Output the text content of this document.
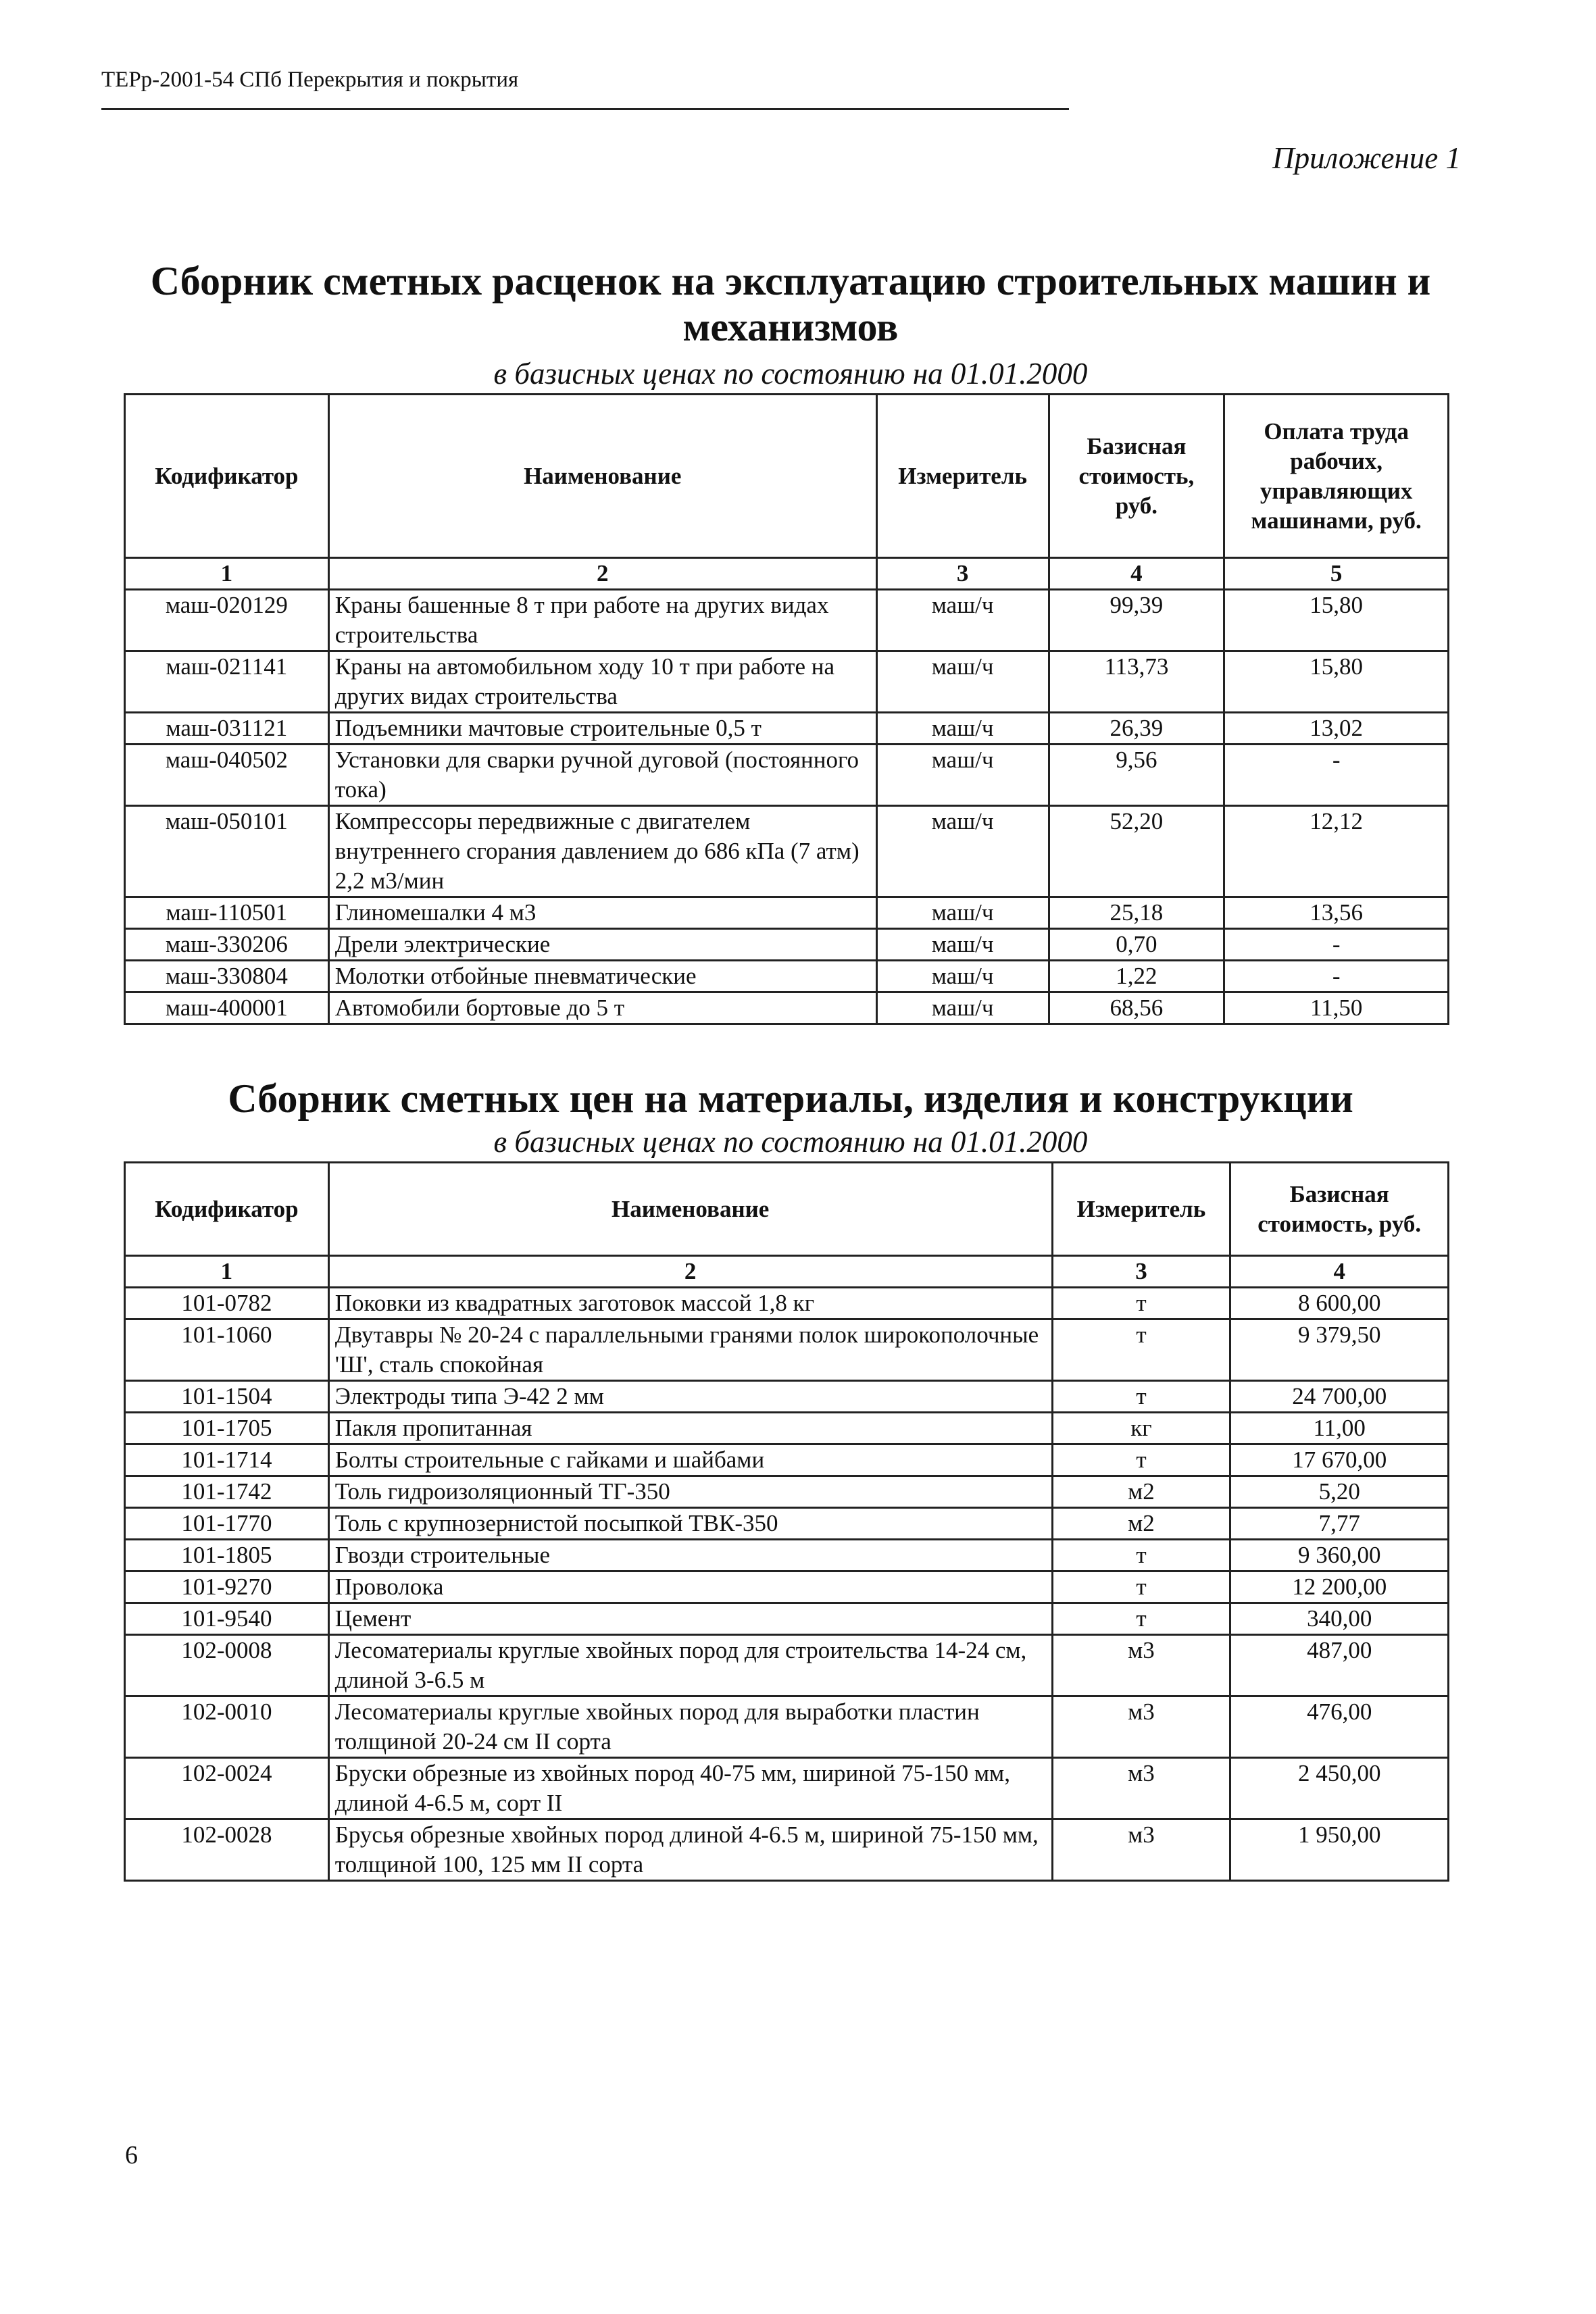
ТЕРр-2001-54 СПб Перекрытия и покрытия
Приложение 1
Сборник сметных расценок на эксплуатацию строительных машин и механизмов
в базисных ценах по состоянию на 01.01.2000
Кодификатор	Наименование	Измеритель	Базисная стоимость, руб.	Оплата труда рабочих, управляющих машинами, руб.
1	2	3	4	5
маш-020129	Краны башенные 8 т при работе на других видах строительства	маш/ч	99,39	15,80
маш-021141	Краны на автомобильном ходу 10 т при работе на других видах строительства	маш/ч	113,73	15,80
маш-031121	Подъемники мачтовые строительные 0,5 т	маш/ч	26,39	13,02
маш-040502	Установки для сварки ручной дуговой (постоянного тока)	маш/ч	9,56	-
маш-050101	Компрессоры передвижные с двигателем внутреннего сгорания давлением до 686 кПа (7 атм) 2,2 м3/мин	маш/ч	52,20	12,12
маш-110501	Глиномешалки 4 м3	маш/ч	25,18	13,56
маш-330206	Дрели электрические	маш/ч	0,70	-
маш-330804	Молотки отбойные пневматические	маш/ч	1,22	-
маш-400001	Автомобили бортовые до 5 т	маш/ч	68,56	11,50
Сборник сметных цен на материалы, изделия и конструкции
в базисных ценах по состоянию на 01.01.2000
Кодификатор	Наименование	Измеритель	Базисная стоимость, руб.
1	2	3	4
101-0782	Поковки из квадратных заготовок массой 1,8 кг	т	8 600,00
101-1060	Двутавры № 20-24 с параллельными гранями полок широкополочные 'Ш', сталь спокойная	т	9 379,50
101-1504	Электроды типа Э-42 2 мм	т	24 700,00
101-1705	Пакля пропитанная	кг	11,00
101-1714	Болты строительные с гайками и шайбами	т	17 670,00
101-1742	Толь гидроизоляционный ТГ-350	м2	5,20
101-1770	Толь с крупнозернистой посыпкой ТВК-350	м2	7,77
101-1805	Гвозди строительные	т	9 360,00
101-9270	Проволока	т	12 200,00
101-9540	Цемент	т	340,00
102-0008	Лесоматериалы круглые хвойных пород для строительства 14-24 см, длиной 3-6.5 м	м3	487,00
102-0010	Лесоматериалы круглые хвойных пород для выработки пластин толщиной 20-24 см II сорта	м3	476,00
102-0024	Бруски обрезные из хвойных пород 40-75 мм, шириной 75-150 мм, длиной 4-6.5 м, сорт II	м3	2 450,00
102-0028	Брусья обрезные хвойных пород длиной 4-6.5 м, шириной 75-150 мм, толщиной 100, 125 мм II сорта	м3	1 950,00
6
